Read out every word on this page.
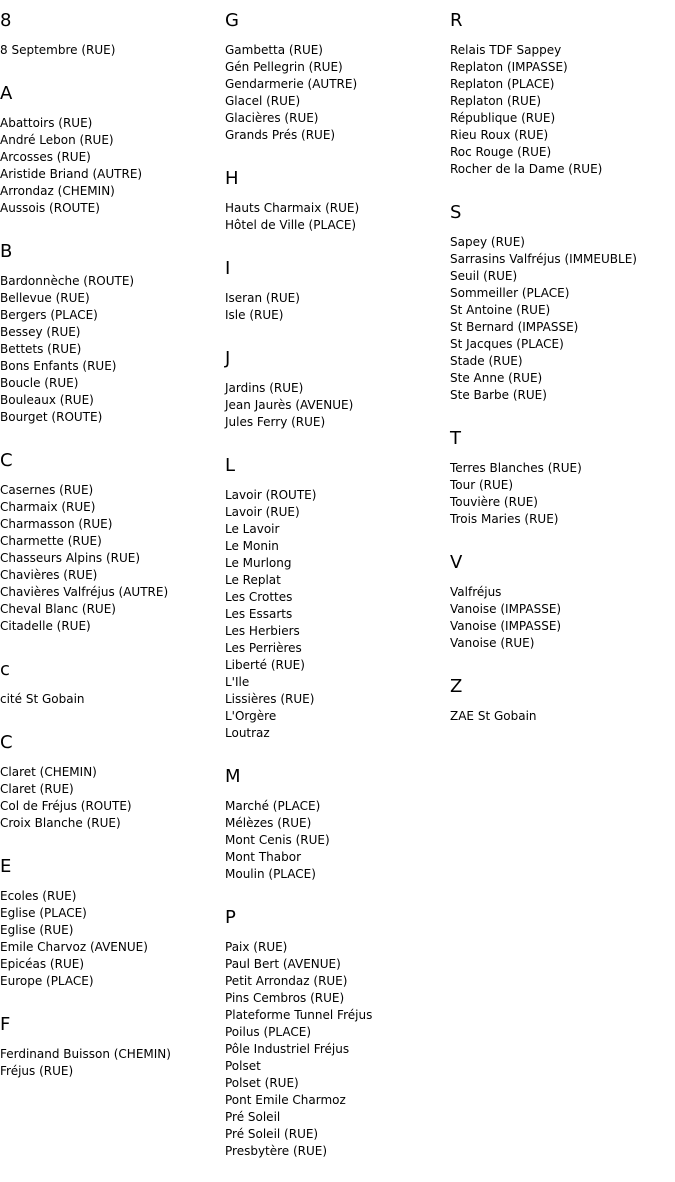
8
8 Septembre (RUE)
A
Abattoirs (RUE)
André Lebon (RUE)
Arcosses (RUE)
Aristide Briand (AUTRE)
Arrondaz (CHEMIN)
Aussois (ROUTE)
B
Bardonnèche (ROUTE)
Bellevue (RUE)
Bergers (PLACE)
Bessey (RUE)
Bettets (RUE)
Bons Enfants (RUE)
Boucle (RUE)
Bouleaux (RUE)
Bourget (ROUTE)
C
Casernes (RUE)
Charmaix (RUE)
Charmasson (RUE)
Charmette (RUE)
Chasseurs Alpins (RUE)
Chavières (RUE)
Chavières Valfréjus (AUTRE)
Cheval Blanc (RUE)
Citadelle (RUE)
c
cité St Gobain
C
Claret (CHEMIN)
Claret (RUE)
Col de Fréjus (ROUTE)
Croix Blanche (RUE)
E
Ecoles (RUE)
Eglise (PLACE)
Eglise (RUE)
Emile Charvoz (AVENUE)
Epicéas (RUE)
Europe (PLACE)
F
Ferdinand Buisson (CHEMIN)
Fréjus (RUE)
G
Gambetta (RUE)
Gén Pellegrin (RUE)
Gendarmerie (AUTRE)
Glacel (RUE)
Glacières (RUE)
Grands Prés (RUE)
H
Hauts Charmaix (RUE)
Hôtel de Ville (PLACE)
I
Iseran (RUE)
Isle (RUE)
J
Jardins (RUE)
Jean Jaurès (AVENUE)
Jules Ferry (RUE)
L
Lavoir (ROUTE)
Lavoir (RUE)
Le Lavoir
Le Monin
Le Murlong
Le Replat
Les Crottes
Les Essarts
Les Herbiers
Les Perrières
Liberté (RUE)
L'Ile
Lissières (RUE)
L'Orgère
Loutraz
M
Marché (PLACE)
Mélèzes (RUE)
Mont Cenis (RUE)
Mont Thabor
Moulin (PLACE)
P
Paix (RUE)
Paul Bert (AVENUE)
Petit Arrondaz (RUE)
Pins Cembros (RUE)
Plateforme Tunnel Fréjus
Poilus (PLACE)
Pôle Industriel Fréjus
Polset
Polset (RUE)
Pont Emile Charmoz
Pré Soleil
Pré Soleil (RUE)
Presbytère (RUE)
R
Relais TDF Sappey
Replaton (IMPASSE)
Replaton (PLACE)
Replaton (RUE)
République (RUE)
Rieu Roux (RUE)
Roc Rouge (RUE)
Rocher de la Dame (RUE)
S
Sapey (RUE)
Sarrasins Valfréjus (IMMEUBLE)
Seuil (RUE)
Sommeiller (PLACE)
St Antoine (RUE)
St Bernard (IMPASSE)
St Jacques (PLACE)
Stade (RUE)
Ste Anne (RUE)
Ste Barbe (RUE)
T
Terres Blanches (RUE)
Tour (RUE)
Touvière (RUE)
Trois Maries (RUE)
V
Valfréjus
Vanoise (IMPASSE)
Vanoise (IMPASSE)
Vanoise (RUE)
Z
ZAE St Gobain
